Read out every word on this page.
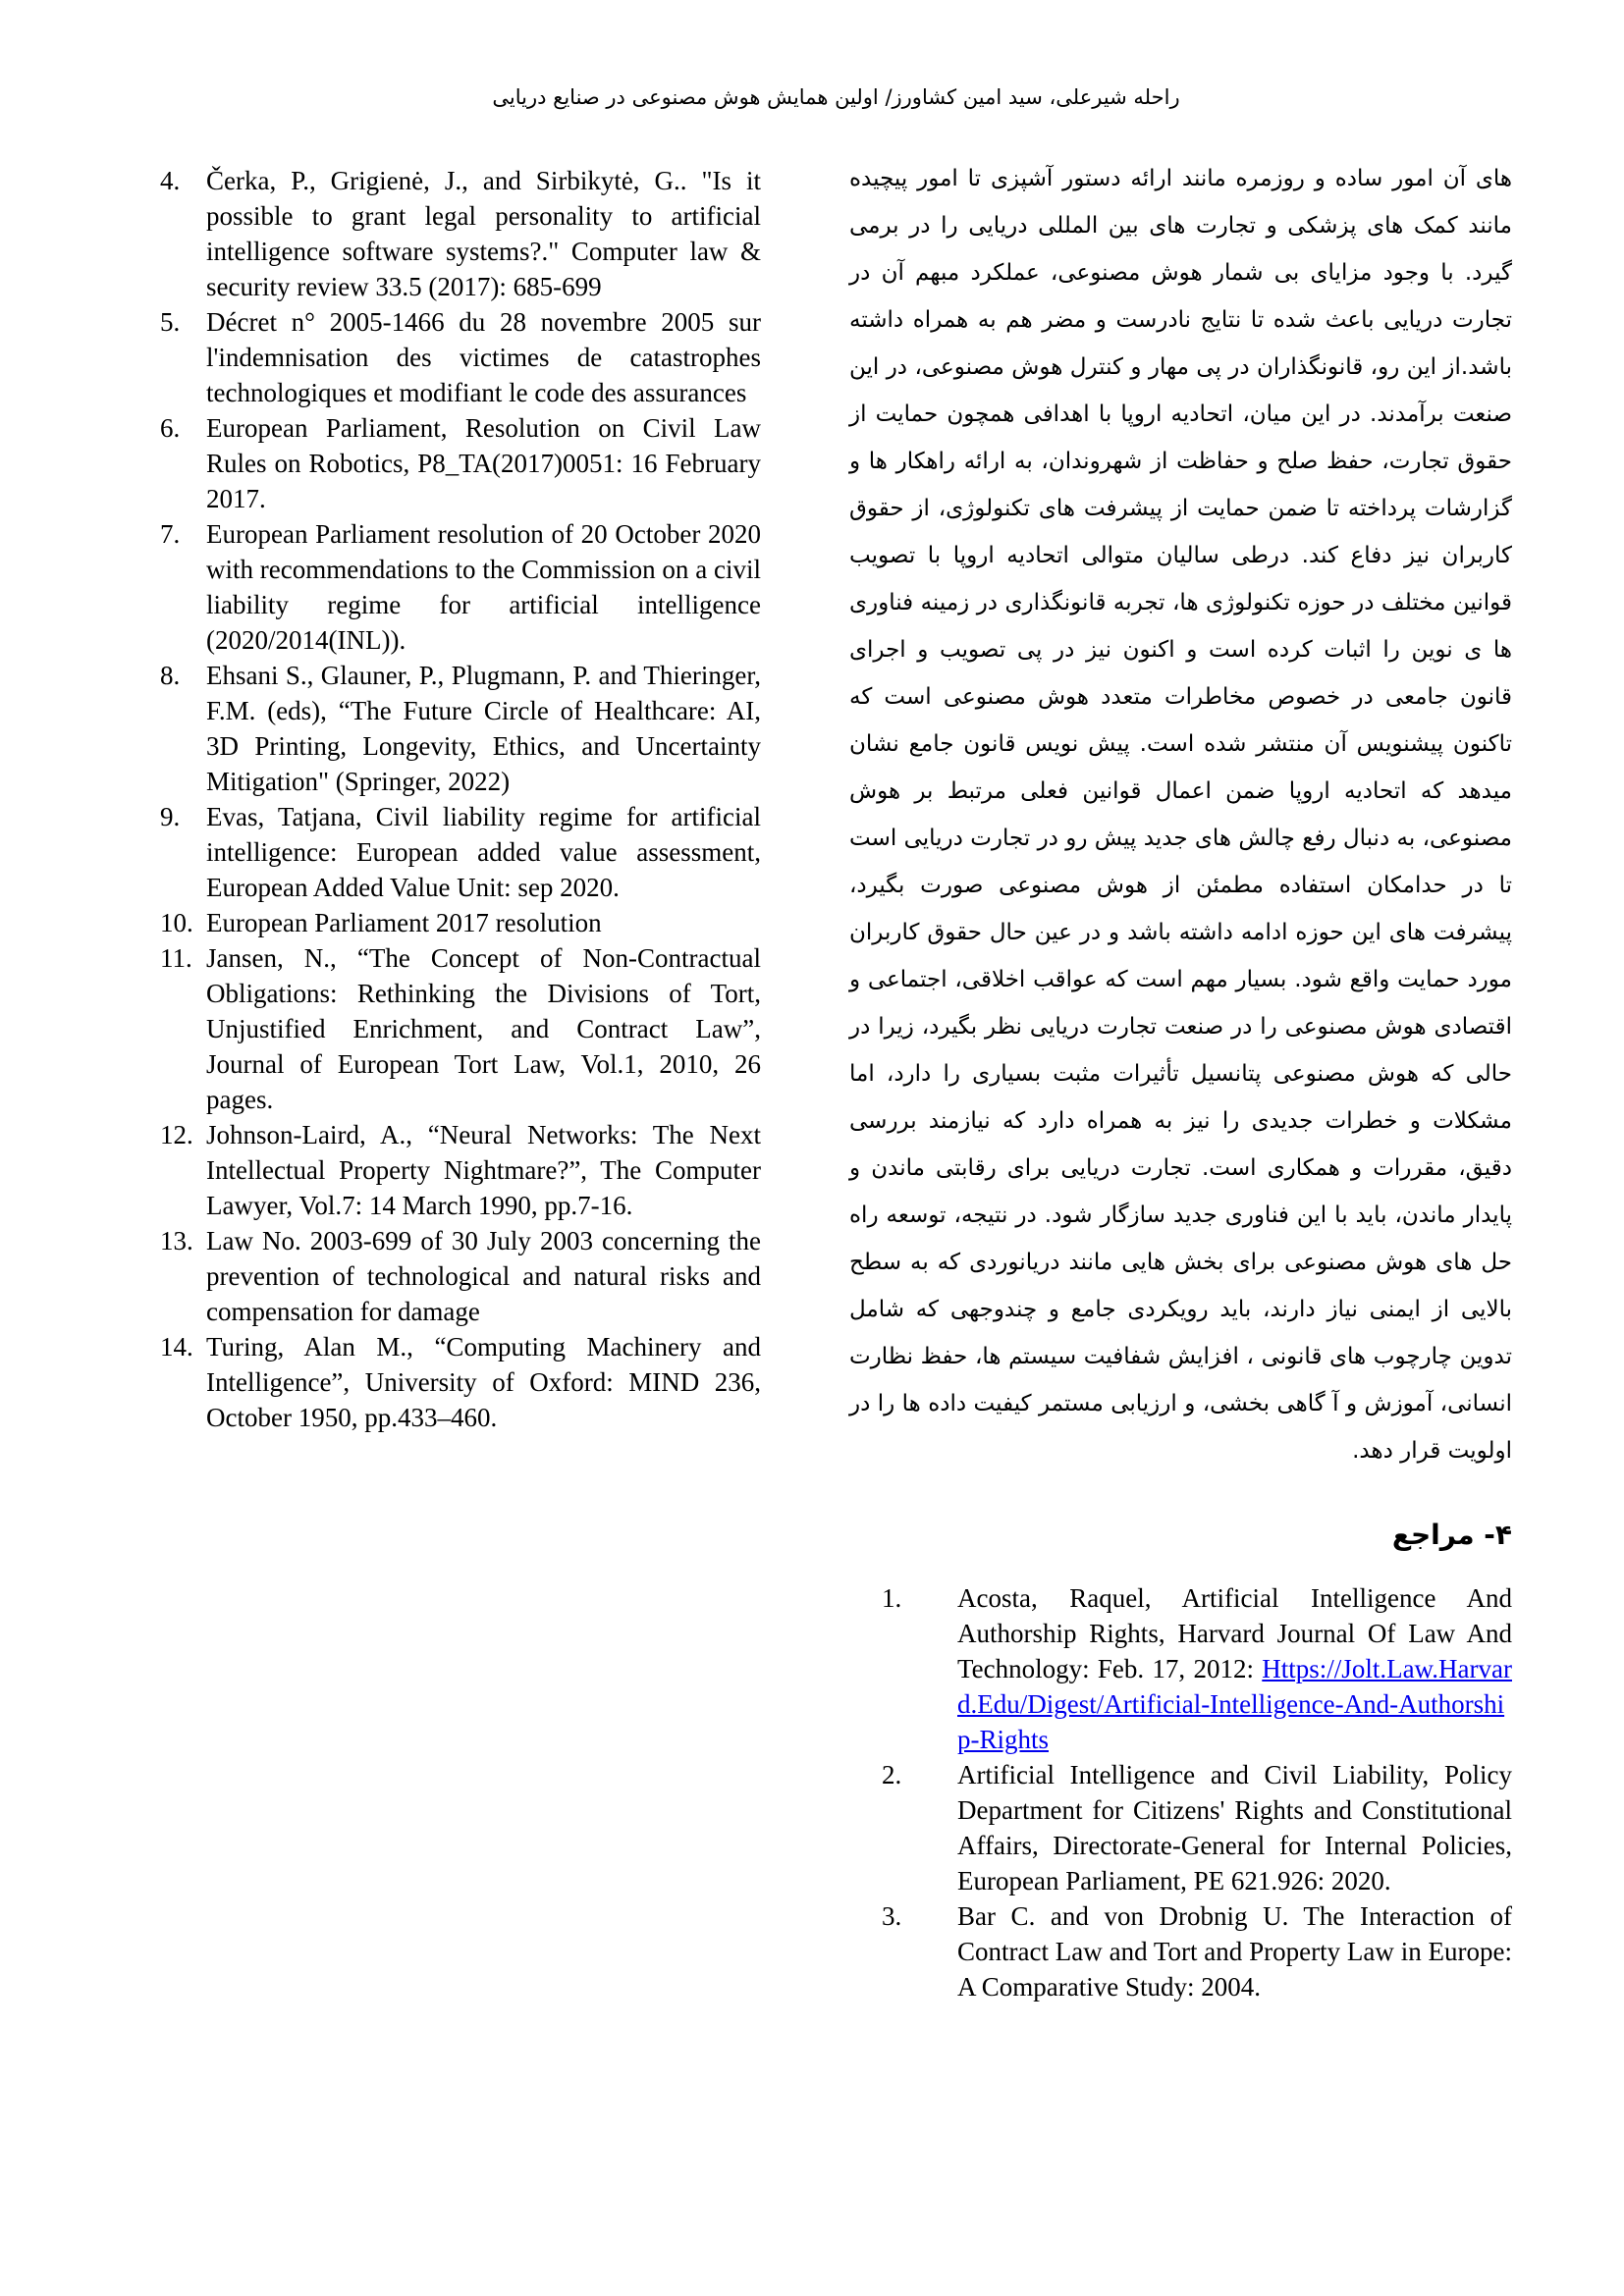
راحله شیرعلی، سید امین کشاورز/ اولین همایش هوش مصنوعی در صنایع دریایی
4. Čerka, P., Grigienė, J., and Sirbikytė, G.. "Is it possible to grant legal personality to artificial intelligence software systems?." Computer law & security review 33.5 (2017): 685-699
5. Décret n° 2005-1466 du 28 novembre 2005 sur l'indemnisation des victimes de catastrophes technologiques et modifiant le code des assurances
6. European Parliament, Resolution on Civil Law Rules on Robotics, P8_TA(2017)0051: 16 February 2017.
7. European Parliament resolution of 20 October 2020 with recommendations to the Commission on a civil liability regime for artificial intelligence (2020/2014(INL)).
8. Ehsani S., Glauner, P., Plugmann, P. and Thieringer, F.M. (eds), “The Future Circle of Healthcare: AI, 3D Printing, Longevity, Ethics, and Uncertainty Mitigation" (Springer, 2022)
9. Evas, Tatjana, Civil liability regime for artificial intelligence: European added value assessment, European Added Value Unit: sep 2020.
10. European Parliament 2017 resolution
11. Jansen, N., “The Concept of Non-Contractual Obligations: Rethinking the Divisions of Tort, Unjustified Enrichment, and Contract Law”, Journal of European Tort Law, Vol.1, 2010, 26 pages.
12. Johnson-Laird, A., “Neural Networks: The Next Intellectual Property Nightmare?”, The Computer Lawyer, Vol.7: 14 March 1990, pp.7-16.
13. Law No. 2003-699 of 30 July 2003 concerning the prevention of technological and natural risks and compensation for damage
14. Turing, Alan M., “Computing Machinery and Intelligence”, University of Oxford: MIND 236, October 1950, pp.433–460.
های آن امور ساده و روزمره مانند ارائه دستور آشپزی تا امور پیچیده مانند کمک های پزشکی و تجارت های بین المللی دریایی را در برمی گیرد. با وجود مزایای بی شمار هوش مصنوعی، عملکرد مبهم آن در تجارت دریایی باعث شده تا نتایج نادرست و مضر هم به همراه داشته باشد.از این رو، قانونگذاران در پی مهار و کنترل هوش مصنوعی، در این صنعت برآمدند. در این میان، اتحادیه اروپا با اهدافی همچون حمایت از حقوق تجارت، حفظ صلح و حفاظت از شهروندان، به ارائه راهکار ها و گزارشات پرداخته تا ضمن حمایت از پیشرفت های تکنولوژی، از حقوق کاربران نیز دفاع کند. درطی سالیان متوالی اتحادیه اروپا با تصویب قوانین مختلف در حوزه تکنولوژی ها، تجربه قانونگذاری در زمینه فناوری ها ی نوین را اثبات کرده است و اکنون نیز در پی تصویب و اجرای قانون جامعی در خصوص مخاطرات متعدد هوش مصنوعی است که تاکنون پیشنویس آن منتشر شده است. پیش نویس قانون جامع نشان میدهد که اتحادیه اروپا ضمن اعمال قوانین فعلی مرتبط بر هوش مصنوعی، به دنبال رفع چالش های جدید پیش رو در تجارت دریایی است تا در حدامکان استفاده مطمئن از هوش مصنوعی صورت بگیرد، پیشرفت های این حوزه ادامه داشته باشد و در عین حال حقوق کاربران مورد حمایت واقع شود. بسیار مهم است که عواقب اخلاقی، اجتماعی و اقتصادی هوش مصنوعی را در صنعت تجارت دریایی نظر بگیرد، زیرا در حالی که هوش مصنوعی پتانسیل تأثیرات مثبت بسیاری را دارد، اما مشکلات و خطرات جدیدی را نیز به همراه دارد که نیازمند بررسی دقیق، مقررات و همکاری است. تجارت دریایی برای رقابتی ماندن و پایدار ماندن، باید با این فناوری جدید سازگار شود. در نتیجه، توسعه راه حل های هوش مصنوعی برای بخش هایی مانند دریانوردی که به سطح بالایی از ایمنی نیاز دارند، باید رویکردی جامع و چندوجهی که شامل تدوین چارچوب های قانونی ، افزایش شفافیت سیستم ها، حفظ نظارت انسانی، آموزش و آ گاهی بخشی، و ارزیابی مستمر کیفیت داده ها را در اولویت قرار دهد.
۴- مراجع
1.	Acosta, Raquel, Artificial Intelligence And Authorship Rights, Harvard Journal Of Law And Technology: Feb. 17, 2012: Https://Jolt.Law.Harvard.Edu/Digest/Artificial-Intelligence-And-Authorship-Rights
2.	Artificial Intelligence and Civil Liability, Policy Department for Citizens' Rights and Constitutional Affairs, Directorate-General for Internal Policies, European Parliament, PE 621.926: 2020.
3.	Bar C. and von Drobnig U. The Interaction of Contract Law and Tort and Property Law in Europe: A Comparative Study: 2004.
